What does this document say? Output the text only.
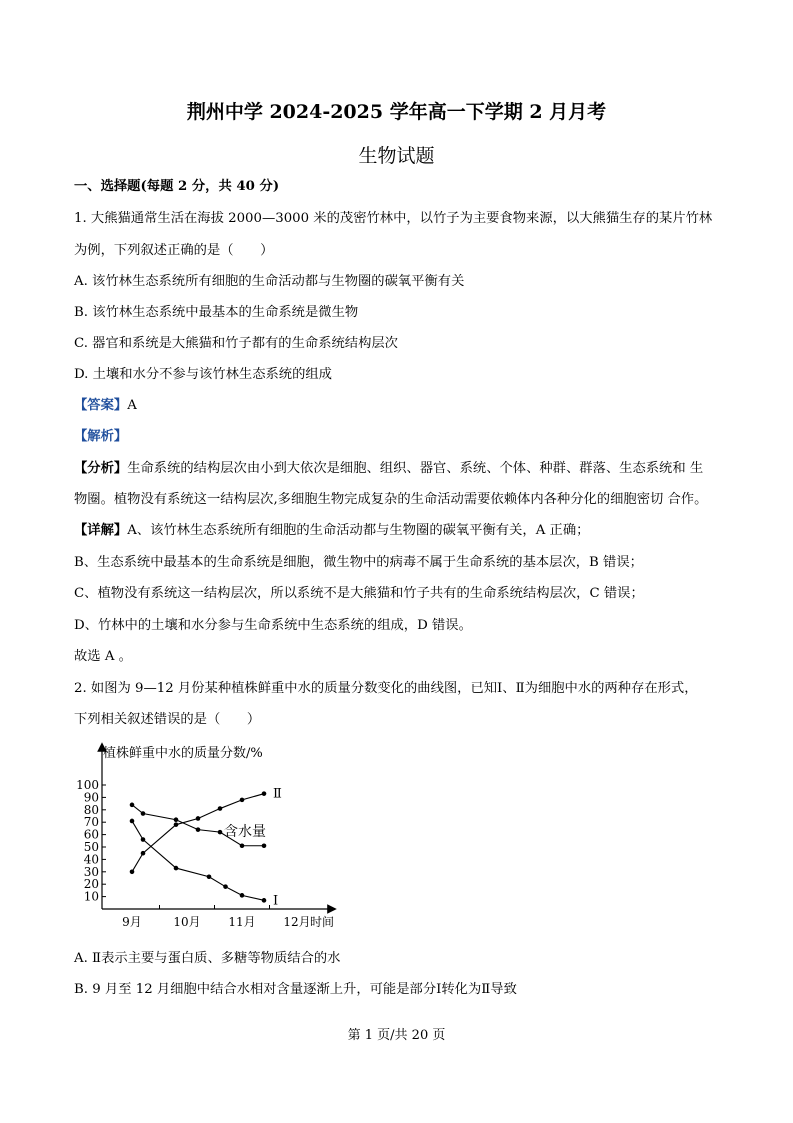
荆州中学 2024-2025 学年高一下学期 2 月月考
生物试题
一、选择题(每题 2 分，共 40 分)
1. 大熊猫通常生活在海拔 2000—3000 米的茂密竹林中，以竹子为主要食物来源，以大熊猫生存的某片竹林
为例，下列叙述正确的是（　　）
A. 该竹林生态系统所有细胞的生命活动都与生物圈的碳氧平衡有关
B. 该竹林生态系统中最基本的生命系统是微生物
C. 器官和系统是大熊猫和竹子都有的生命系统结构层次
D. 土壤和水分不参与该竹林生态系统的组成
【答案】A
【解析】
【分析】生命系统的结构层次由小到大依次是细胞、组织、器官、系统、个体、种群、群落、生态系统和 生
物圈。植物没有系统这一结构层次,多细胞生物完成复杂的生命活动需要依赖体内各种分化的细胞密切 合作。
【详解】A、该竹林生态系统所有细胞的生命活动都与生物圈的碳氧平衡有关，A 正确；
B、生态系统中最基本的生命系统是细胞，微生物中的病毒不属于生命系统的基本层次，B 错误；
C、植物没有系统这一结构层次，所以系统不是大熊猫和竹子共有的生命系统结构层次，C 错误；
D、竹林中的土壤和水分参与生命系统中生态系统的组成，D 错误。
故选 A 。
2. 如图为 9—12 月份某种植株鲜重中水的质量分数变化的曲线图，已知Ⅰ、Ⅱ为细胞中水的两种存在形式，
下列相关叙述错误的是（　　）
10
20
30
40
50
60
70
80
90
100
9月	10月 11月 12月
Ⅱ
含水量
Ⅰ
植株鲜重中水的质量分数/%
时间
A. Ⅱ表示主要与蛋白质、多糖等物质结合的水
B. 9 月至 12 月细胞中结合水相对含量逐渐上升，可能是部分Ⅰ转化为Ⅱ导致
第 1 页/共 20 页
